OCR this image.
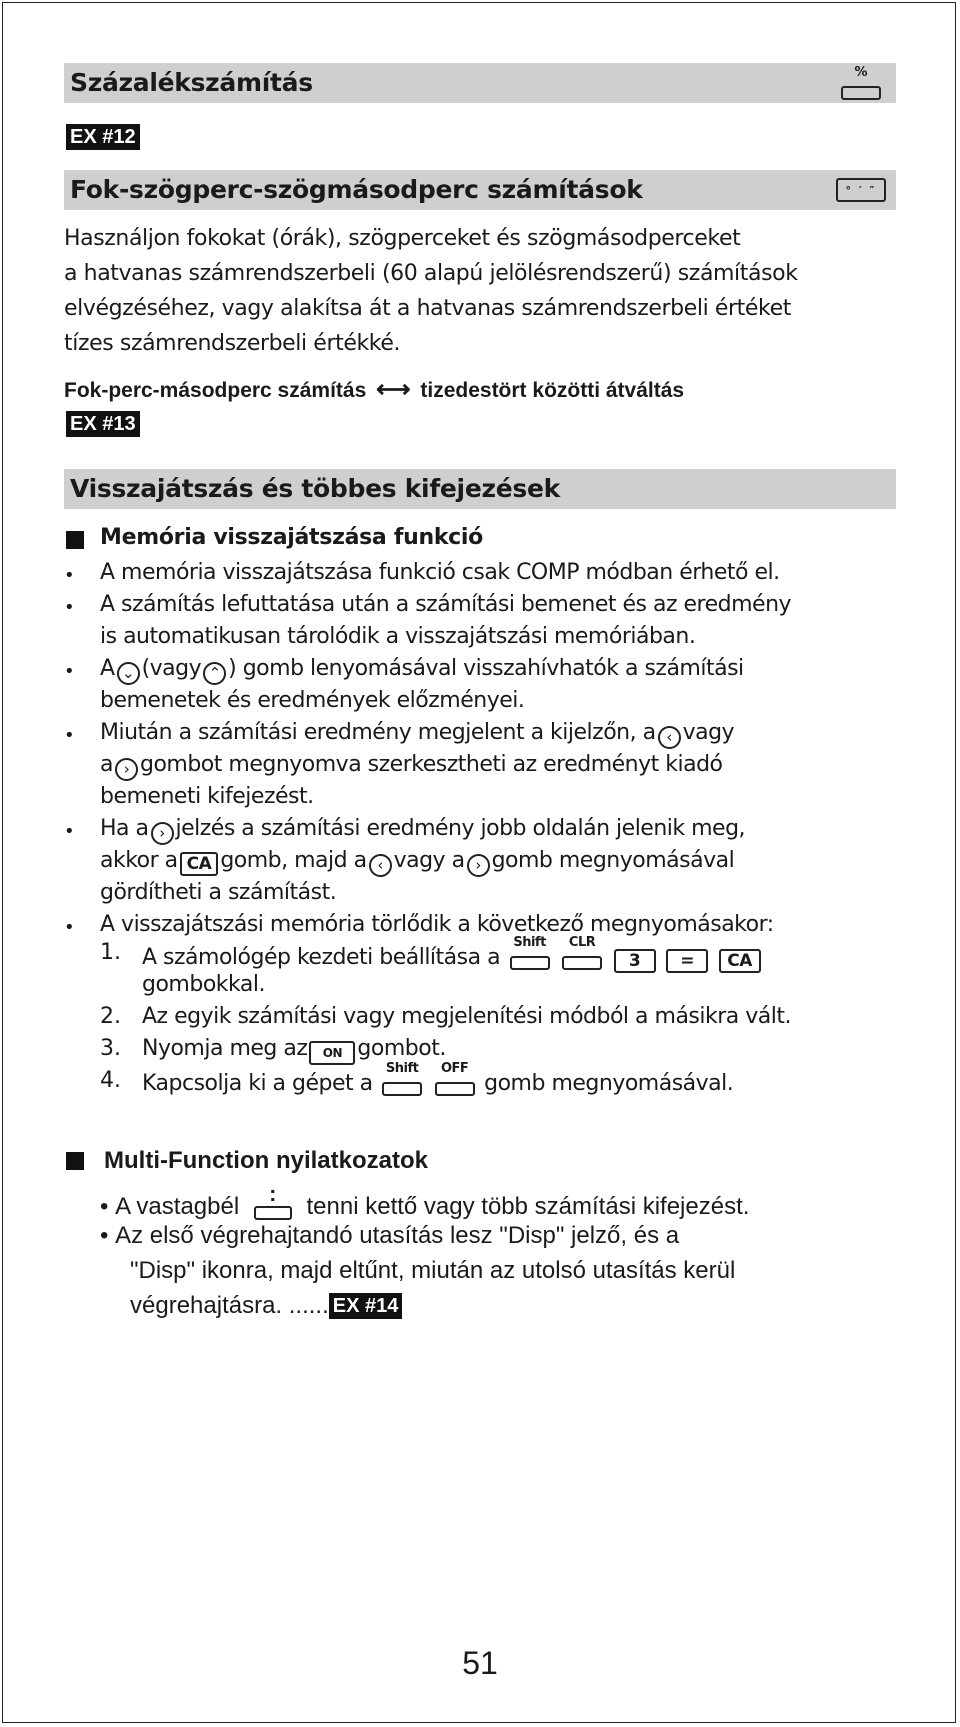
Százalékszámítás	%
EX #12
Fok-szögperc-szögmásodperc számítások	° ′ ″
Használjon fokokat (órák), szögperceket és szögmásodperceket
a hatvanas számrendszerbeli (60 alapú jelölésrendszerű) számítások
elvégzéséhez, vagy alakítsa át a hatvanas számrendszerbeli értéket
tízes számrendszerbeli értékké.
Fok-perc-másodperc számítás ⟷ tizedestört közötti átváltás
EX #13
Visszajátszás és többes kifejezések
Memória visszajátszása funkció
• A memória visszajátszása funkció csak COMP módban érhető el.
• A számítás lefuttatása után a számítási bemenet és az eredmény
is automatikusan tárolódik a visszajátszási memóriában.
• A ⌄ (vagy ⌃ ) gomb lenyomásával visszahívhatók a számítási
bemenetek és eredmények előzményei.
• Miután a számítási eredmény megjelent a kijelzőn, a ‹ vagy
a › gombot megnyomva szerkesztheti az eredményt kiadó
bemeneti kifejezést.
• Ha a › jelzés a számítási eredmény jobb oldalán jelenik meg,
akkor a CA gomb, majd a ‹ vagy a › gomb megnyomásával
gördítheti a számítást.
• A visszajátszási memória törlődik a következő megnyomásakor:
1. A számológép kezdeti beállítása a
Shift
	CLR
3 = CA
gombokkal.
2. Az egyik számítási vagy megjelenítési módból a másikra vált.
3. Nyomja meg az ON gombot.
4. Kapcsolja ki a gépet a
Shift
	OFF
gomb megnyomásával.
Multi-Function nyilatkozatok
• A vastagbél	:	tenni kettő vagy több számítási kifejezést.
• Az első végrehajtandó utasítás lesz "Disp" jelző, és a
"Disp" ikonra, majd eltűnt, miután az utolsó utasítás kerül
végrehajtásra. ...... EX #14
51
